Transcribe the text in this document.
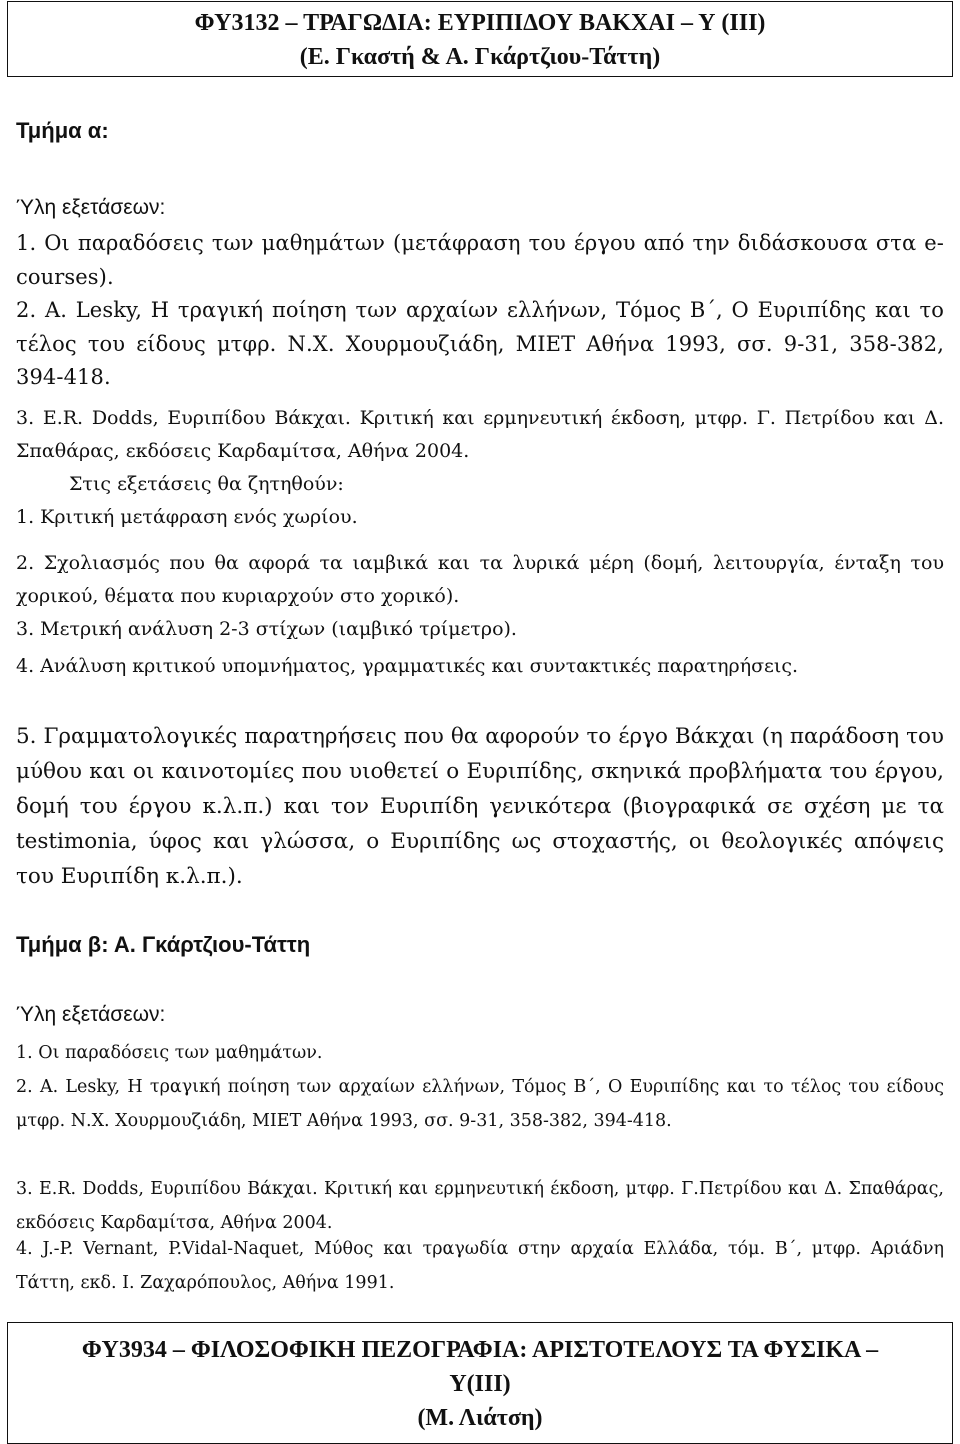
ΦΥ3132 – ΤΡΑΓΩΔΙΑ: ΕΥΡΙΠΙΔΟΥ ΒΑΚΧΑΙ – Υ (ΙΙΙ)
(Ε. Γκαστή & Α. Γκάρτζιου-Τάττη)
Τμήμα α:
Ύλη εξετάσεων:

1. Οι παραδόσεις των μαθημάτων (μετάφραση του έργου από την διδάσκουσα στα e-courses).

2. A. Lesky, Η τραγική ποίηση των αρχαίων ελλήνων, Τόμος Β΄, Ο Ευριπίδης και το τέλος του είδους μτφρ. Ν.Χ. Χουρμουζιάδη, ΜΙΕΤ Αθήνα 1993, σσ. 9-31, 358-382, 394-418.

3. E.R. Dodds, Ευριπίδου Βάκχαι. Κριτική και ερμηνευτική έκδοση, μτφρ. Γ. Πετρίδου και Δ. Σπαθάρας, εκδόσεις Καρδαμίτσα, Αθήνα 2004.

Στις εξετάσεις θα ζητηθούν:

1. Κριτική μετάφραση ενός χωρίου.

2. Σχολιασμός που θα αφορά τα ιαμβικά και τα λυρικά μέρη (δομή, λειτουργία, ένταξη του χορικού, θέματα που κυριαρχούν στο χορικό).

3. Μετρική ανάλυση 2-3 στίχων (ιαμβικό τρίμετρο).

4. Ανάλυση κριτικού υπομνήματος, γραμματικές και συντακτικές παρατηρήσεις.

5. Γραμματολογικές παρατηρήσεις που θα αφορούν το έργο Βάκχαι (η παράδοση του μύθου και οι καινοτομίες που υιοθετεί ο Ευριπίδης, σκηνικά προβλήματα του έργου, δομή του έργου κ.λ.π.) και τον Ευριπίδη γενικότερα (βιογραφικά σε σχέση με τα testimonia, ύφος και γλώσσα, ο Ευριπίδης ως στοχαστής, οι θεολογικές απόψεις του Ευριπίδη κ.λ.π.).

Τμήμα β: Α. Γκάρτζιου-Τάττη
Ύλη εξετάσεων:

1. Οι παραδόσεις των μαθημάτων.

2. A. Lesky, Η τραγική ποίηση των αρχαίων ελλήνων, Τόμος Β΄, Ο Ευριπίδης και το τέλος του είδους μτφρ. Ν.Χ. Χουρμουζιάδη, ΜΙΕΤ Αθήνα 1993, σσ. 9-31, 358-382, 394-418.

3. E.R. Dodds, Ευριπίδου Βάκχαι. Κριτική και ερμηνευτική έκδοση, μτφρ. Γ.Πετρίδου και Δ. Σπαθάρας, εκδόσεις Καρδαμίτσα, Αθήνα 2004.

4. J.-P. Vernant, P.Vidal-Naquet, Μύθος και τραγωδία στην αρχαία Ελλάδα, τόμ. Β΄, μτφρ. Αριάδνη Τάττη, εκδ. Ι. Ζαχαρόπουλος, Αθήνα 1991.

ΦΥ3934 – ΦΙΛΟΣΟΦΙΚΗ ΠΕΖΟΓΡΑΦΙΑ: ΑΡΙΣΤΟΤΕΛΟΥΣ ΤΑ ΦΥΣΙΚΑ –
Υ(ΙΙΙ)
(Μ. Λιάτση)
